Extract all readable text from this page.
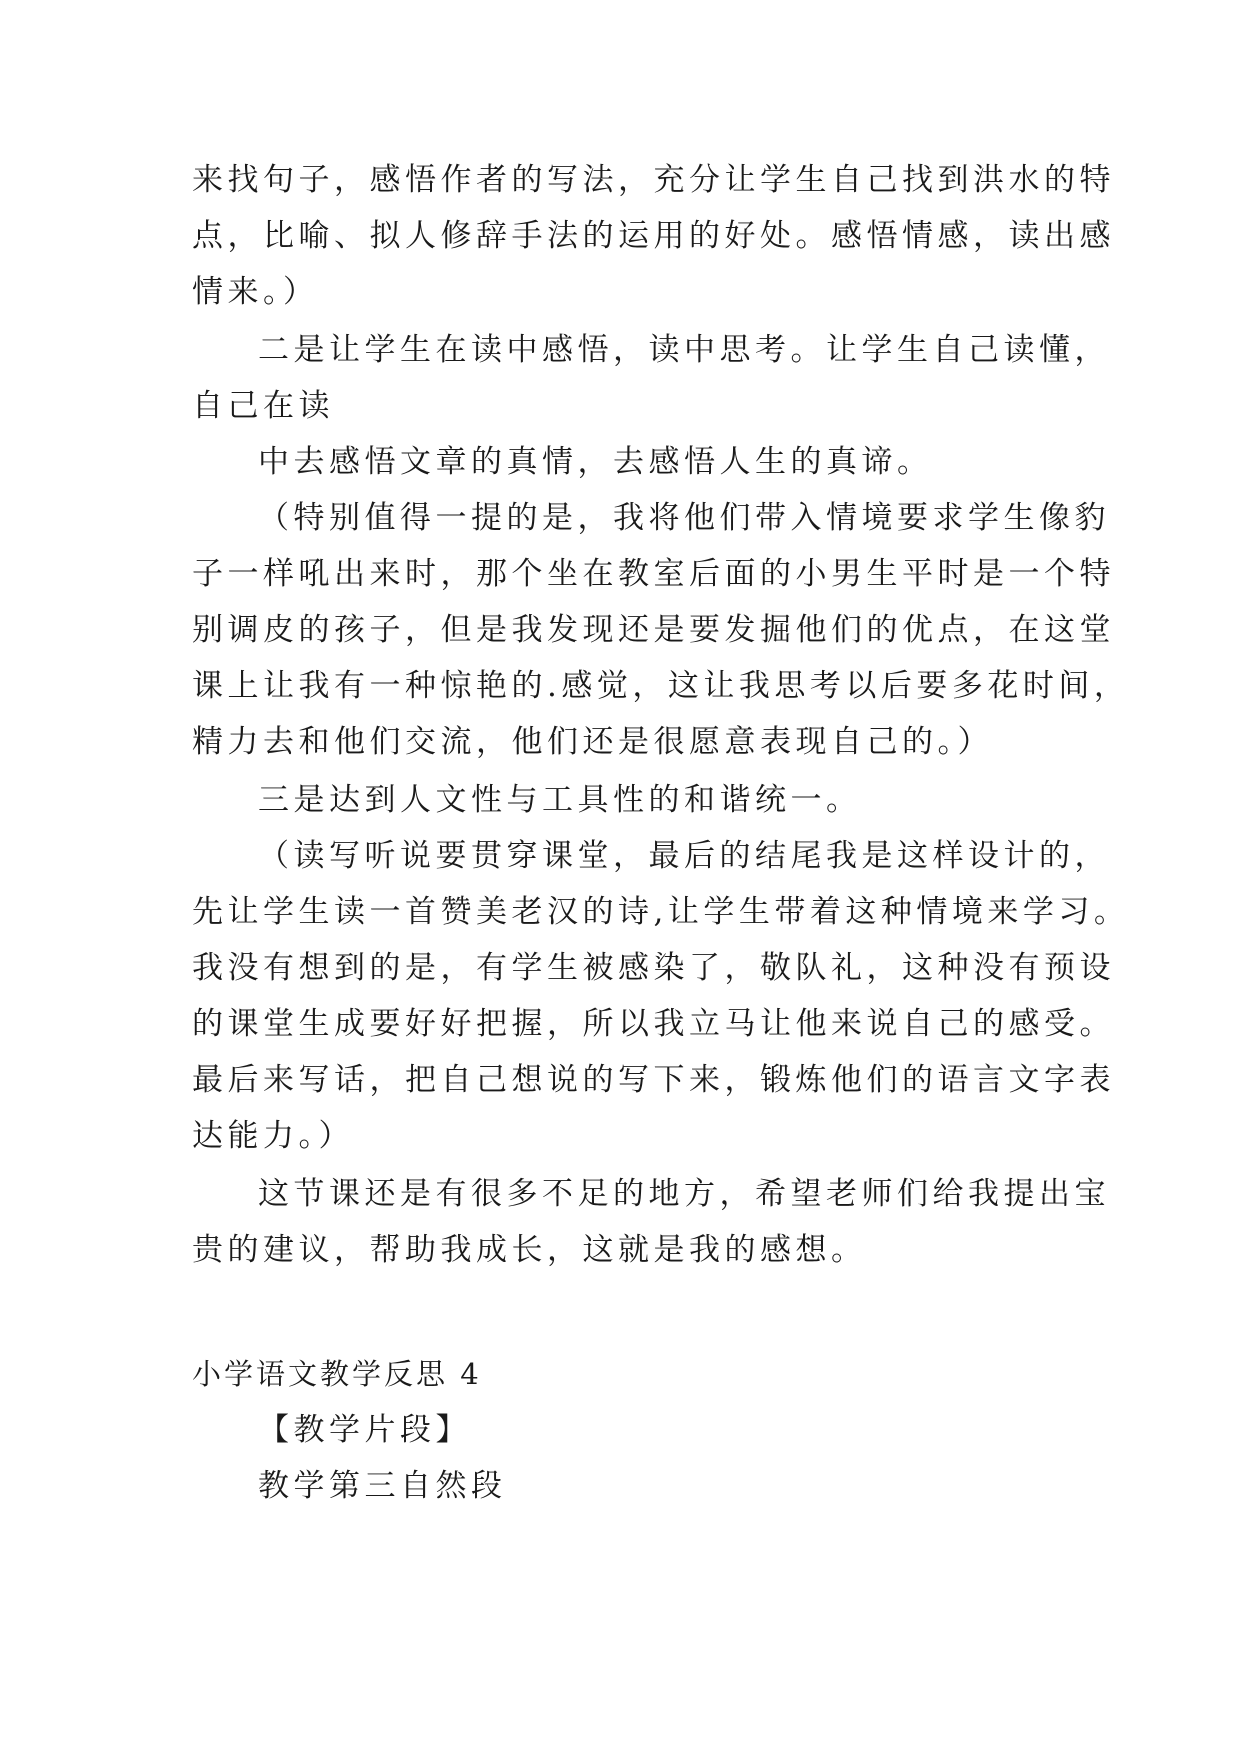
来找句子，感悟作者的写法，充分让学生自己找到洪水的特
点，比喻、拟人修辞手法的运用的好处。感悟情感，读出感
情来。）
二是让学生在读中感悟，读中思考。让学生自己读懂，
自己在读
中去感悟文章的真情，去感悟人生的真谛。
（特别值得一提的是，我将他们带入情境要求学生像豹
子一样吼出来时，那个坐在教室后面的小男生平时是一个特
别调皮的孩子，但是我发现还是要发掘他们的优点，在这堂
课上让我有一种惊艳的.感觉，这让我思考以后要多花时间，
精力去和他们交流，他们还是很愿意表现自己的。）
三是达到人文性与工具性的和谐统一。
（读写听说要贯穿课堂，最后的结尾我是这样设计的，
先让学生读一首赞美老汉的诗,让学生带着这种情境来学习。
我没有想到的是，有学生被感染了，敬队礼，这种没有预设
的课堂生成要好好把握，所以我立马让他来说自己的感受。
最后来写话，把自己想说的写下来，锻炼他们的语言文字表
达能力。）
这节课还是有很多不足的地方，希望老师们给我提出宝
贵的建议，帮助我成长，这就是我的感想。
小学语文教学反思 4
【教学片段】
教学第三自然段
